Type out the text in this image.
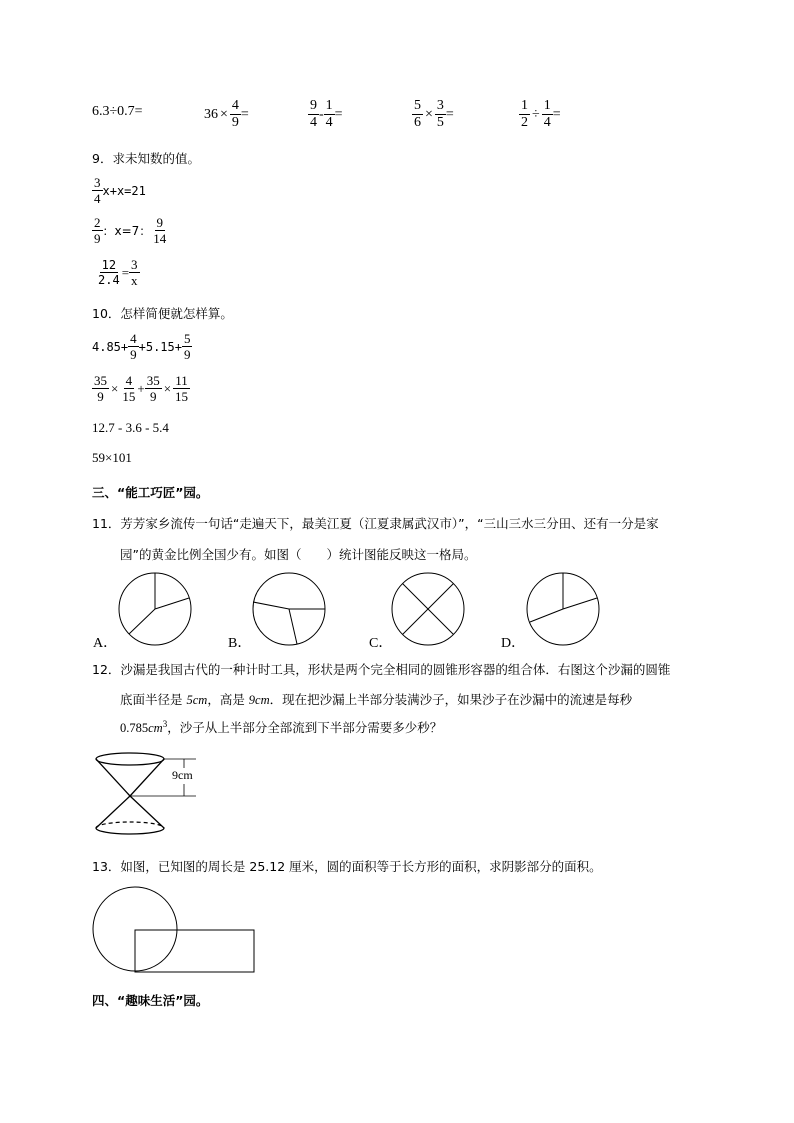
6.3÷0.7=	$36 \times \frac{4}{9}$ =	$\frac{9}{4} - \frac{1}{4}$ =	$\frac{5}{6} \times \frac{3}{5}$ =	$\frac{1}{2} \div \frac{1}{4}$ =
9．求未知数的值。
$\frac{3}{4} x+x=21$
$\frac{2}{9}$ ：x=7： $\frac{9}{14}$
$\frac{12}{2.4} = \frac{3}{x}$
10．怎样简便就怎样算。
$4.85+ \frac{4}{9} +5.15+ \frac{5}{9}$
$\frac{35}{9} \times \frac{4}{15} + \frac{35}{9} \times \frac{11}{15}$
12.7 - 3.6 - 5.4
59×101
三、“能工巧匠”园。
11．芳芳家乡流传一句话“走遍天下，最美江夏（江夏隶属武汉市）”，“三山三水三分田、还有一分是家
园”的黄金比例全国少有。如图（　　）统计图能反映这一格局。
A．	B．	C．	D．
12．沙漏是我国古代的一种计时工具，形状是两个完全相同的圆锥形容器的组合体．右图这个沙漏的圆锥
底面半径是 5cm，高是 9cm．现在把沙漏上半部分装满沙子，如果沙子在沙漏中的流速是每秒
$0.785cm^3$，沙子从上半部分全部流到下半部分需要多少秒？
9cm
13．如图，已知图的周长是 25.12 厘米，圆的面积等于长方形的面积，求阴影部分的面积。
四、“趣味生活”园。
